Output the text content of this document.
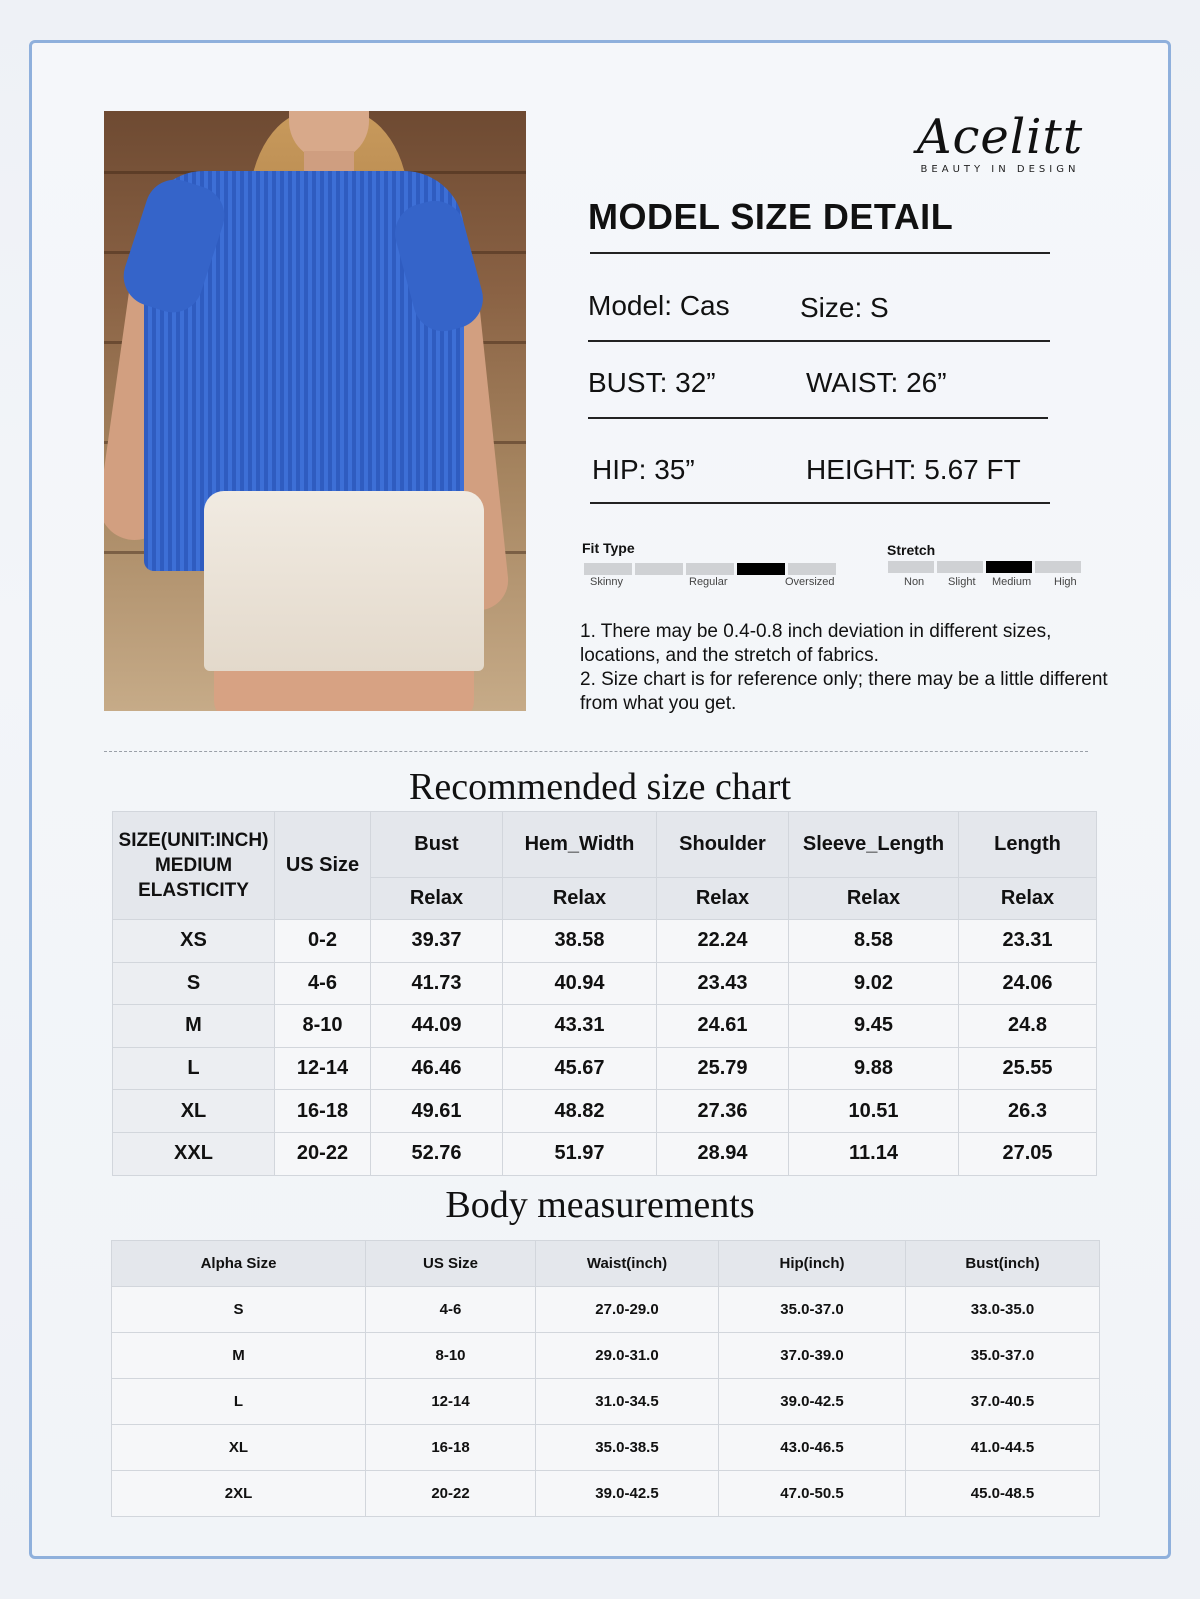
Acelitt
BEAUTY IN DESIGN
MODEL SIZE DETAIL
Model: Cas	Size: S
BUST: 32”	WAIST: 26”
HIP: 35”	HEIGHT: 5.67 FT
Fit Type
Skinny	Regular	Oversized
Stretch
Non Slight Medium High
1. There may be 0.4-0.8 inch deviation in different sizes, locations, and the stretch of fabrics.
2. Size chart is for reference only; there may be a little different from what you get.
Recommended size chart
SIZE(UNIT:INCH) MEDIUM ELASTICITY	US Size	Bust	Hem_Width	Shoulder	Sleeve_Length	Length
		Relax	Relax	Relax	Relax	Relax
XS	0-2	39.37	38.58	22.24	8.58	23.31
S	4-6	41.73	40.94	23.43	9.02	24.06
M	8-10	44.09	43.31	24.61	9.45	24.8
L	12-14	46.46	45.67	25.79	9.88	25.55
XL	16-18	49.61	48.82	27.36	10.51	26.3
XXL	20-22	52.76	51.97	28.94	11.14	27.05
Body measurements
Alpha Size	US Size	Waist(inch)	Hip(inch)	Bust(inch)
S	4-6	27.0-29.0	35.0-37.0	33.0-35.0
M	8-10	29.0-31.0	37.0-39.0	35.0-37.0
L	12-14	31.0-34.5	39.0-42.5	37.0-40.5
XL	16-18	35.0-38.5	43.0-46.5	41.0-44.5
2XL	20-22	39.0-42.5	47.0-50.5	45.0-48.5
